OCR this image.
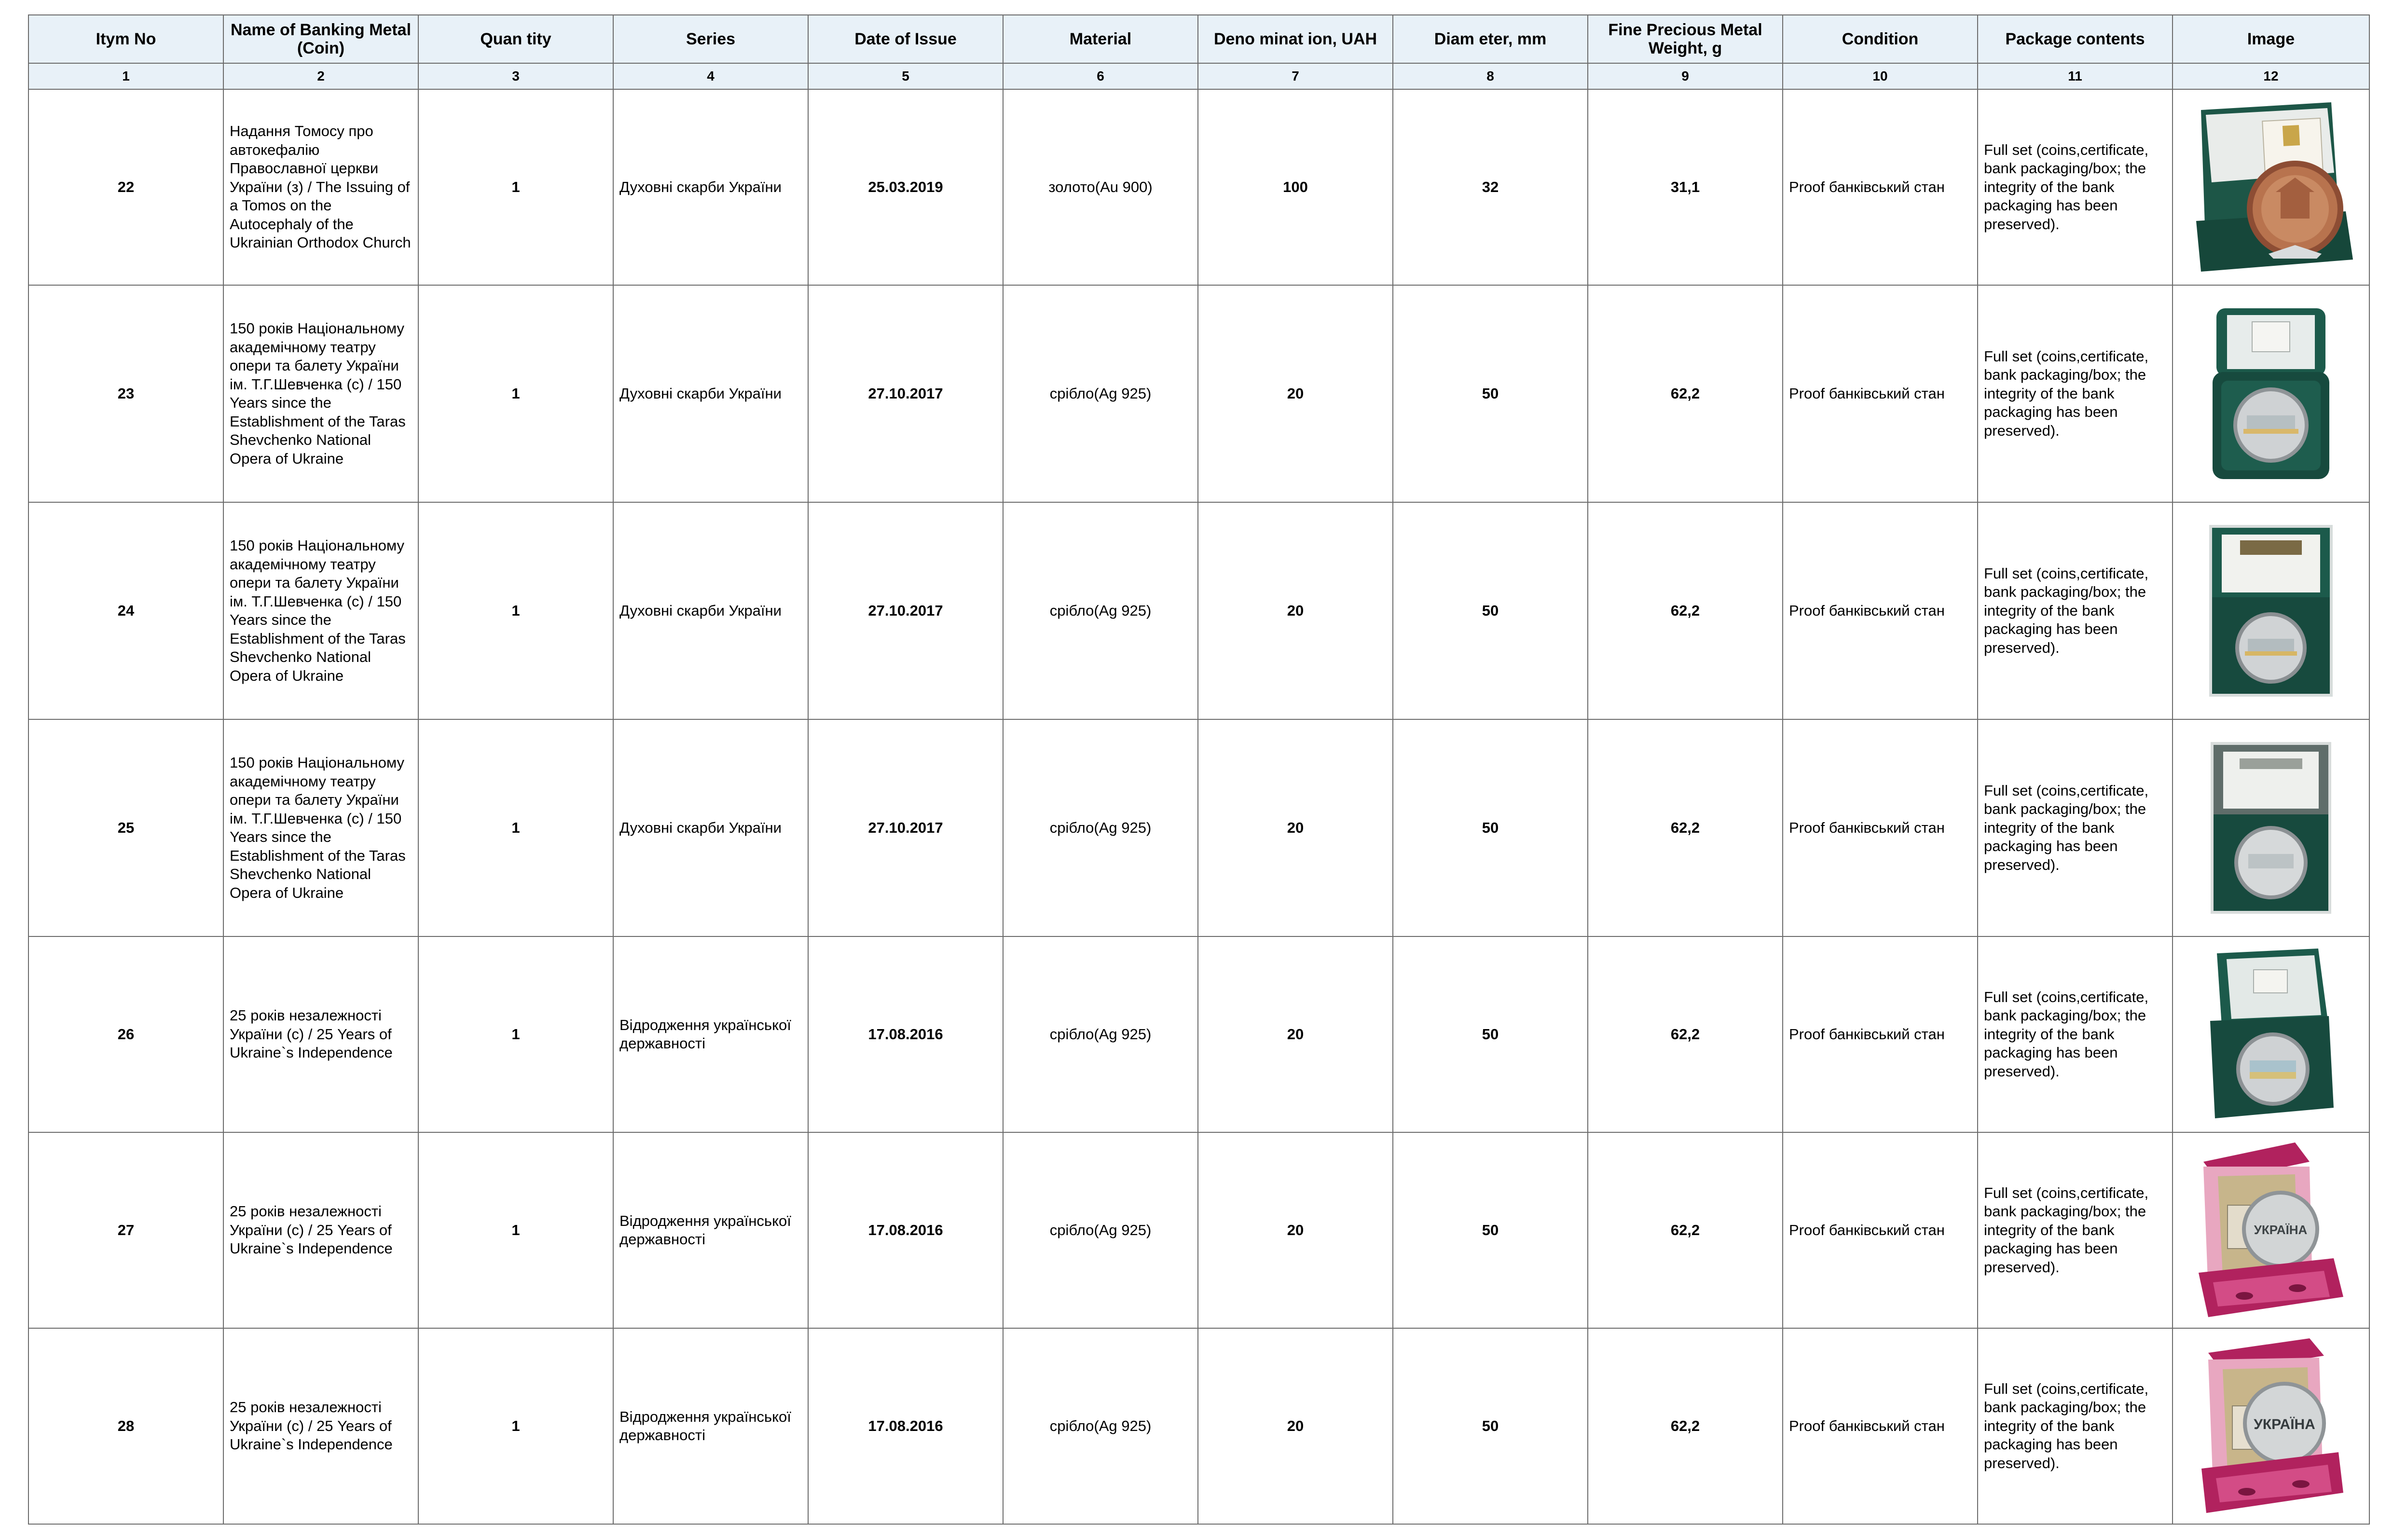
Itym No	Name of Banking Metal (Coin)	Quan tity	Series	Date of Issue	Material	Deno minat ion, UAH	Diam eter, mm	Fine Precious Metal Weight, g	Condition	Package contents	Image
1	2	3	4	5	6	7	8	9	10	11	12
22	Надання Томосу про автокефалію Православної церкви України (з) / The Issuing of a Tomos on the Autocephaly of the Ukrainian Orthodox Church	1	Духовні скарби України	25.03.2019	золото(Au 900)	100	32	31,1	Proof банківський стан	Full set (coins,certificate, bank packaging/box; the integrity of the bank packaging has been preserved).	

23	150 років Національному академічному театру опери та балету України ім. Т.Г.Шевченка (с) / 150 Years since the Establishment of the Taras Shevchenko National Opera of Ukraine	1	Духовні скарби України	27.10.2017	срібло(Ag 925)	20	50	62,2	Proof банківський стан	Full set (coins,certificate, bank packaging/box; the integrity of the bank packaging has been preserved).	

24	150 років Національному академічному театру опери та балету України ім. Т.Г.Шевченка (с) / 150 Years since the Establishment of the Taras Shevchenko National Opera of Ukraine	1	Духовні скарби України	27.10.2017	срібло(Ag 925)	20	50	62,2	Proof банківський стан	Full set (coins,certificate, bank packaging/box; the integrity of the bank packaging has been preserved).	

25	150 років Національному академічному театру опери та балету України ім. Т.Г.Шевченка (с) / 150 Years since the Establishment of the Taras Shevchenko National Opera of Ukraine	1	Духовні скарби України	27.10.2017	срібло(Ag 925)	20	50	62,2	Proof банківський стан	Full set (coins,certificate, bank packaging/box; the integrity of the bank packaging has been preserved).	

26	25 років незалежності України (с) / 25 Years of Ukraine`s Independence	1	Відродження української державності	17.08.2016	срібло(Ag 925)	20	50	62,2	Proof банківський стан	Full set (coins,certificate, bank packaging/box; the integrity of the bank packaging has been preserved).	

27	25 років незалежності України (с) / 25 Years of Ukraine`s Independence	1	Відродження української державності	17.08.2016	срібло(Ag 925)	20	50	62,2	Proof банківський стан	Full set (coins,certificate, bank packaging/box; the integrity of the bank packaging has been preserved).	УКРАЇНА

28	25 років незалежності України (с) / 25 Years of Ukraine`s Independence	1	Відродження української державності	17.08.2016	срібло(Ag 925)	20	50	62,2	Proof банківський стан	Full set (coins,certificate, bank packaging/box; the integrity of the bank packaging has been preserved).	УКРАЇНА
